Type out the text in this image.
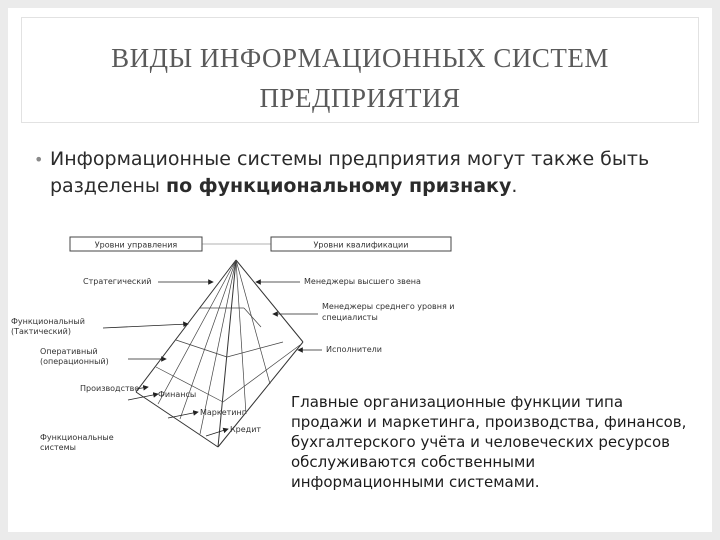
ВИДЫ ИНФОРМАЦИОННЫХ СИСТЕМ
ПРЕДПРИЯТИЯ
• Информационные системы предприятия могут также быть разделены по функциональному признаку.
Уровни управления	Уровни квалификации
Стратегический
Функциональный
(Тактический)
Оперативный
(операционный)
Производство
Финансы
Маркетинг
Кредит
Функциональные
системы
Менеджеры высшего звена
Менеджеры среднего уровня и
специалисты
Исполнители
Главные организационные функции типа продажи и маркетинга, производства, финансов, бухгалтерского учёта и человеческих ресурсов обслуживаются собственными информационными системами.
